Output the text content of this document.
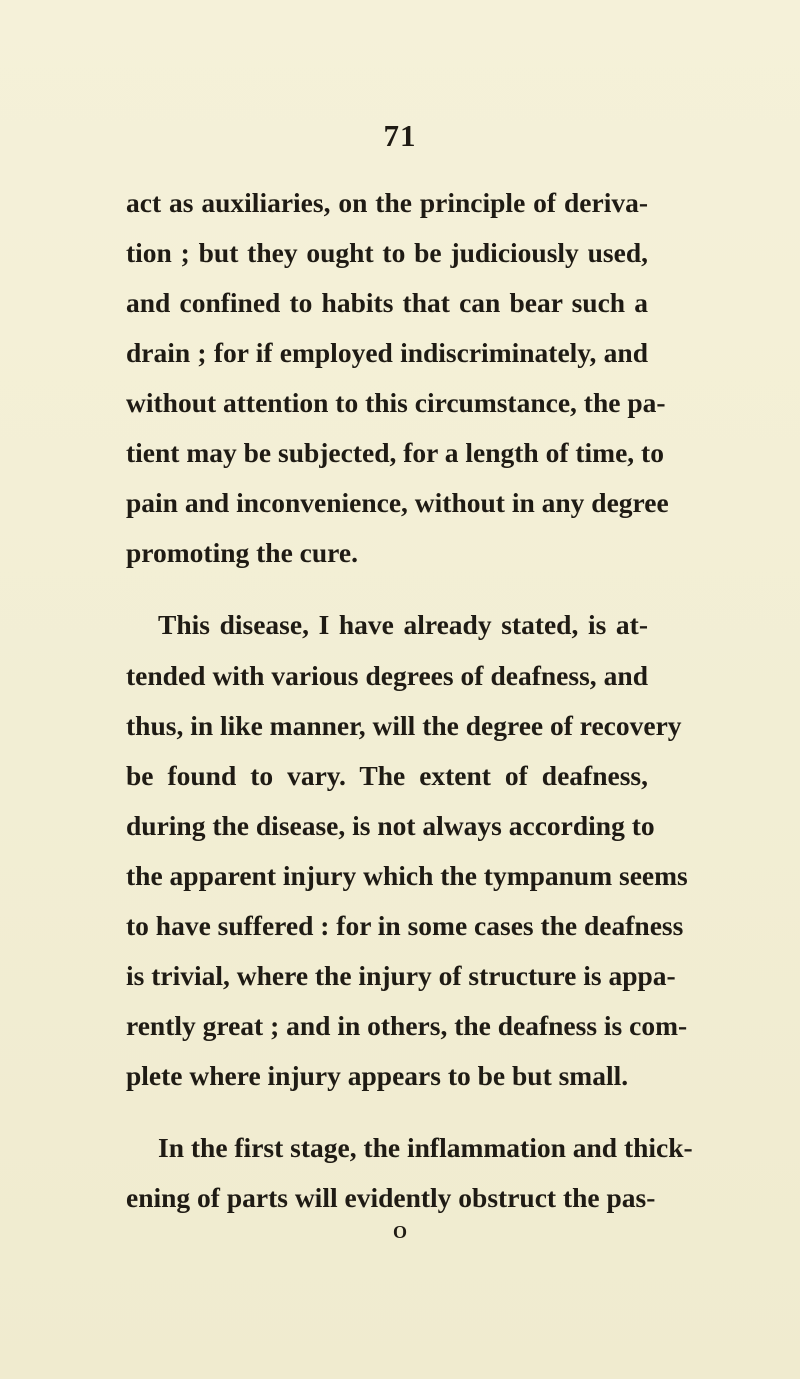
71
act as auxiliaries, on the principle of deriva-
tion ; but they ought to be judiciously used,
and confined to habits that can bear such a
drain ; for if employed indiscriminately, and
without attention to this circumstance, the pa-
tient may be subjected, for a length of time, to
pain and inconvenience, without in any degree
promoting the cure.
This disease, I have already stated, is at-
tended with various degrees of deafness, and
thus, in like manner, will the degree of recovery
be found to vary. The extent of deafness,
during the disease, is not always according to
the apparent injury which the tympanum seems
to have suffered : for in some cases the deafness
is trivial, where the injury of structure is appa-
rently great ; and in others, the deafness is com-
plete where injury appears to be but small.
In the first stage, the inflammation and thick-
ening of parts will evidently obstruct the pas-
O
